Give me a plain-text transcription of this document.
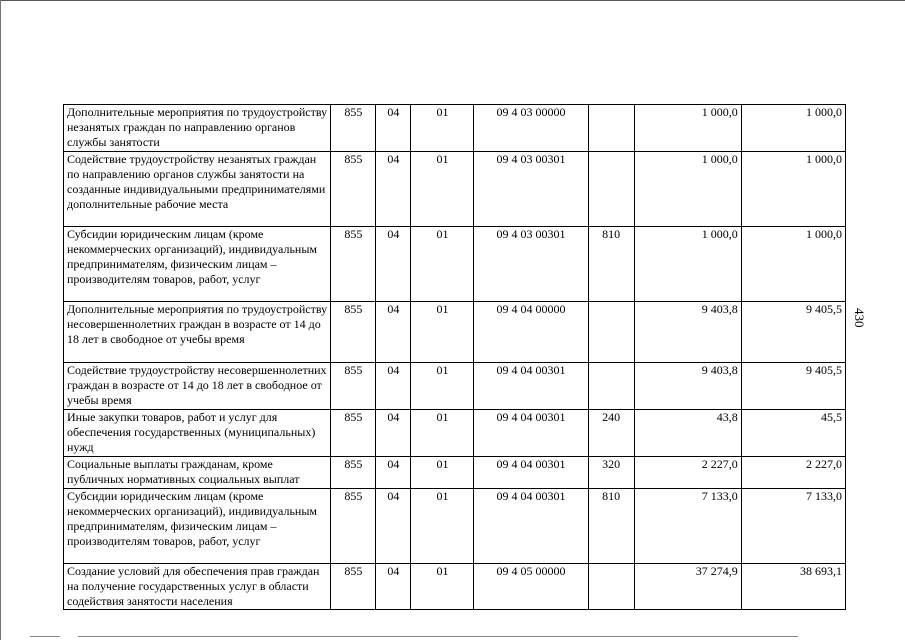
430
Дополнительные мероприятия по трудоустройству незанятых граждан по направлению органов службы занятости	855	04	01	09 4 03 00000		1 000,0	1 000,0
Содействие трудоустройству незанятых граждан по направлению органов службы занятости на созданные индивидуальными предпринимателями дополнительные рабочие места	855	04	01	09 4 03 00301		1 000,0	1 000,0
Субсидии юридическим лицам (кроме некоммерческих организаций), индивидуальным предпринимателям, физическим лицам – производителям товаров, работ, услуг	855	04	01	09 4 03 00301	810	1 000,0	1 000,0
Дополнительные мероприятия по трудоустройству несовершеннолетних граждан в возрасте от 14 до 18 лет в свободное от учебы время	855	04	01	09 4 04 00000		9 403,8	9 405,5
Содействие трудоустройству несовершеннолетних граждан в возрасте от 14 до 18 лет в свободное от учебы время	855	04	01	09 4 04 00301		9 403,8	9 405,5
Иные закупки товаров, работ и услуг для обеспечения государственных (муниципальных) нужд	855	04	01	09 4 04 00301	240	43,8	45,5
Социальные выплаты гражданам, кроме публичных нормативных социальных выплат	855	04	01	09 4 04 00301	320	2 227,0	2 227,0
Субсидии юридическим лицам (кроме некоммерческих организаций), индивидуальным предпринимателям, физическим лицам – производителям товаров, работ, услуг	855	04	01	09 4 04 00301	810	7 133,0	7 133,0
Создание условий для обеспечения прав граждан на получение государственных услуг в области содействия занятости населения	855	04	01	09 4 05 00000		37 274,9	38 693,1
